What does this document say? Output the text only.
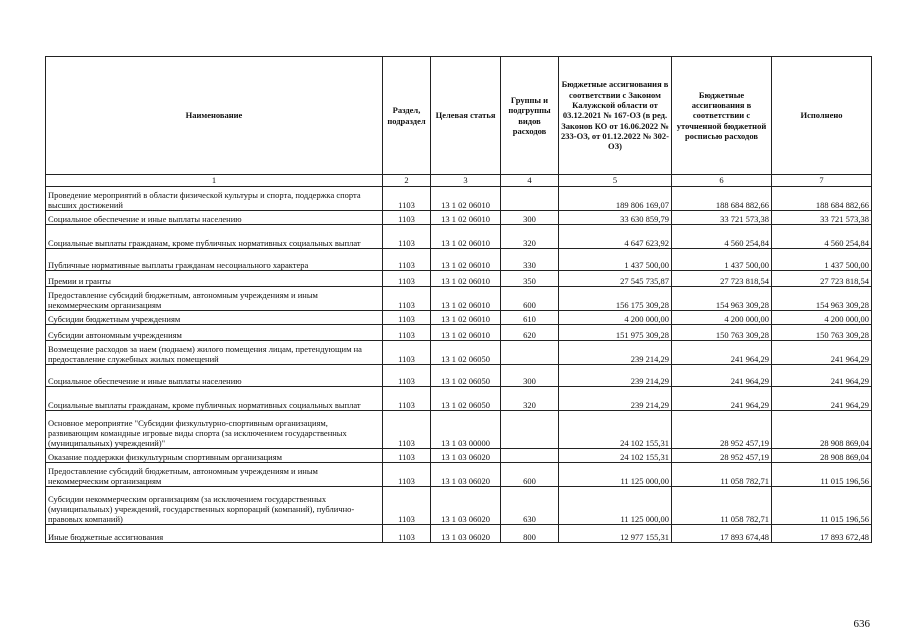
Наименование	Раздел, подраздел	Целевая статья	Группы и подгруппы видов расходов	Бюджетные ассигнования в соответствии с Законом Калужской области от 03.12.2021 № 167-ОЗ (в ред. Законов КО от 16.06.2022 № 233-ОЗ, от 01.12.2022 № 302-ОЗ)	Бюджетные ассигнования в соответствии с уточненной бюджетной росписью расходов	Исполнено
1	2	3	4	5	6	7
Проведение мероприятий в области физической культуры и спорта, поддержка спорта высших достижений	1103	13 1 02 06010		189 806 169,07	188 684 882,66	188 684 882,66
Социальное обеспечение и иные выплаты населению	1103	13 1 02 06010	300	33 630 859,79	33 721 573,38	33 721 573,38
Социальные выплаты гражданам, кроме публичных нормативных социальных выплат	1103	13 1 02 06010	320	4 647 623,92	4 560 254,84	4 560 254,84
Публичные нормативные выплаты гражданам несоциального характера	1103	13 1 02 06010	330	1 437 500,00	1 437 500,00	1 437 500,00
Премии и гранты	1103	13 1 02 06010	350	27 545 735,87	27 723 818,54	27 723 818,54
Предоставление субсидий бюджетным, автономным учреждениям и иным некоммерческим организациям	1103	13 1 02 06010	600	156 175 309,28	154 963 309,28	154 963 309,28
Субсидии бюджетным учреждениям	1103	13 1 02 06010	610	4 200 000,00	4 200 000,00	4 200 000,00
Субсидии автономным учреждениям	1103	13 1 02 06010	620	151 975 309,28	150 763 309,28	150 763 309,28
Возмещение расходов за наем (поднаем) жилого помещения лицам, претендующим на предоставление служебных жилых помещений	1103	13 1 02 06050		239 214,29	241 964,29	241 964,29
Социальное обеспечение и иные выплаты населению	1103	13 1 02 06050	300	239 214,29	241 964,29	241 964,29
Социальные выплаты гражданам, кроме публичных нормативных социальных выплат	1103	13 1 02 06050	320	239 214,29	241 964,29	241 964,29
Основное мероприятие "Субсидии физкультурно-спортивным организациям, развивающим командные игровые виды спорта (за исключением государственных (муниципальных) учреждений)"	1103	13 1 03 00000		24 102 155,31	28 952 457,19	28 908 869,04
Оказание поддержки физкультурным спортивным организациям	1103	13 1 03 06020		24 102 155,31	28 952 457,19	28 908 869,04
Предоставление субсидий бюджетным, автономным учреждениям и иным некоммерческим организациям	1103	13 1 03 06020	600	11 125 000,00	11 058 782,71	11 015 196,56
Субсидии некоммерческим организациям (за исключением государственных (муниципальных) учреждений, государственных корпораций (компаний), публично-правовых компаний)	1103	13 1 03 06020	630	11 125 000,00	11 058 782,71	11 015 196,56
Иные бюджетные ассигнования	1103	13 1 03 06020	800	12 977 155,31	17 893 674,48	17 893 672,48
636
